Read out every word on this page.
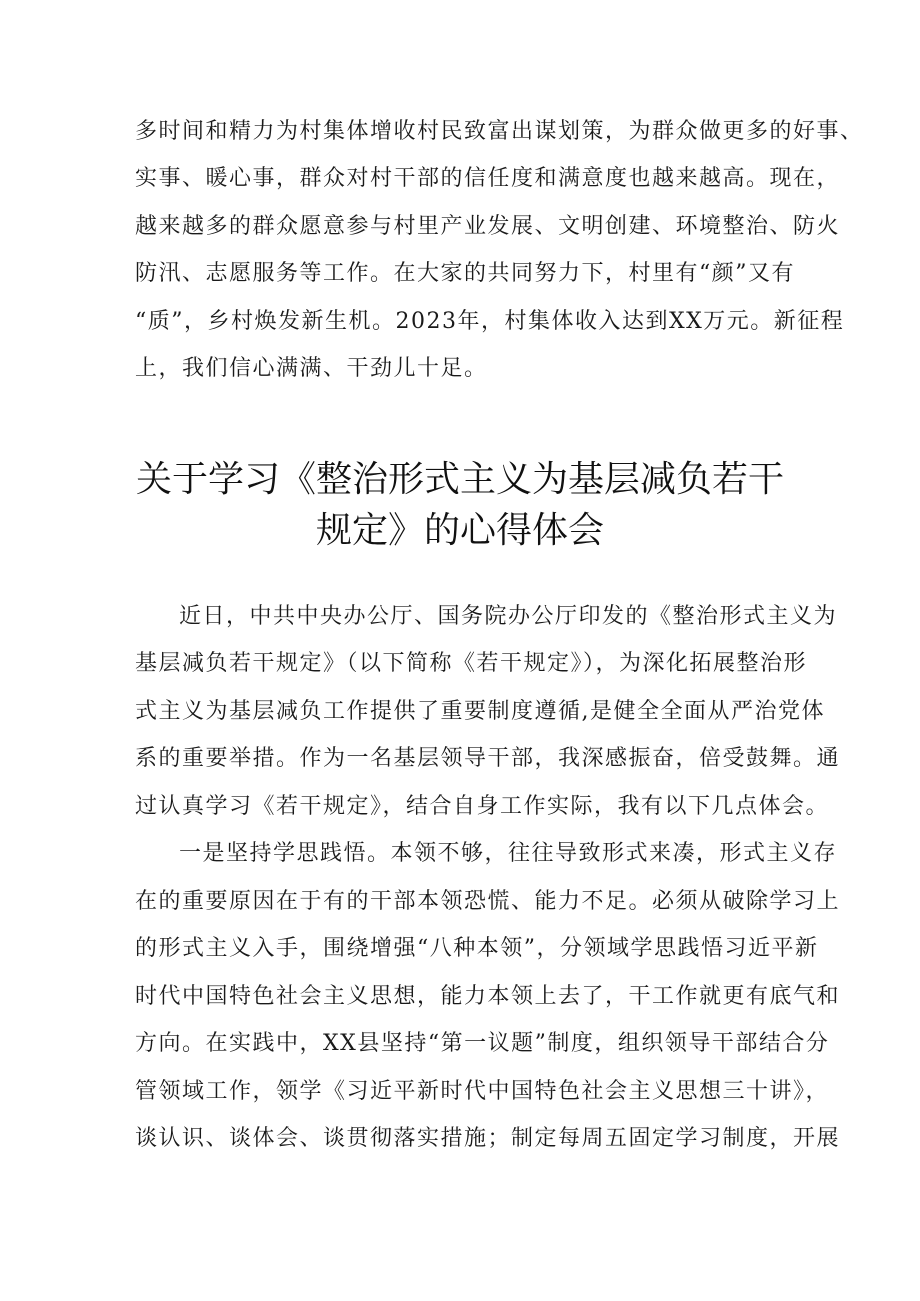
多时间和精力为村集体增收村民致富出谋划策，为群众做更多的好事、
实事、暖心事，群众对村干部的信任度和满意度也越来越高。现在，
越来越多的群众愿意参与村里产业发展、文明创建、环境整治、防火
防汛、志愿服务等工作。在大家的共同努力下，村里有“颜”又有
“质”，乡村焕发新生机。2023年，村集体收入达到XX万元。新征程
上，我们信心满满、干劲儿十足。
关于学习《整治形式主义为基层减负若干
规定》的心得体会
近日，中共中央办公厅、国务院办公厅印发的《整治形式主义为
基层减负若干规定》（以下简称《若干规定》），为深化拓展整治形
式主义为基层减负工作提供了重要制度遵循,是健全全面从严治党体
系的重要举措。作为一名基层领导干部，我深感振奋，倍受鼓舞。通
过认真学习《若干规定》，结合自身工作实际，我有以下几点体会。
一是坚持学思践悟。本领不够，往往导致形式来凑，形式主义存
在的重要原因在于有的干部本领恐慌、能力不足。必须从破除学习上
的形式主义入手，围绕增强“八种本领”，分领域学思践悟习近平新
时代中国特色社会主义思想，能力本领上去了，干工作就更有底气和
方向。在实践中，XX县坚持“第一议题”制度，组织领导干部结合分
管领域工作，领学《习近平新时代中国特色社会主义思想三十讲》，
谈认识、谈体会、谈贯彻落实措施；制定每周五固定学习制度，开展
